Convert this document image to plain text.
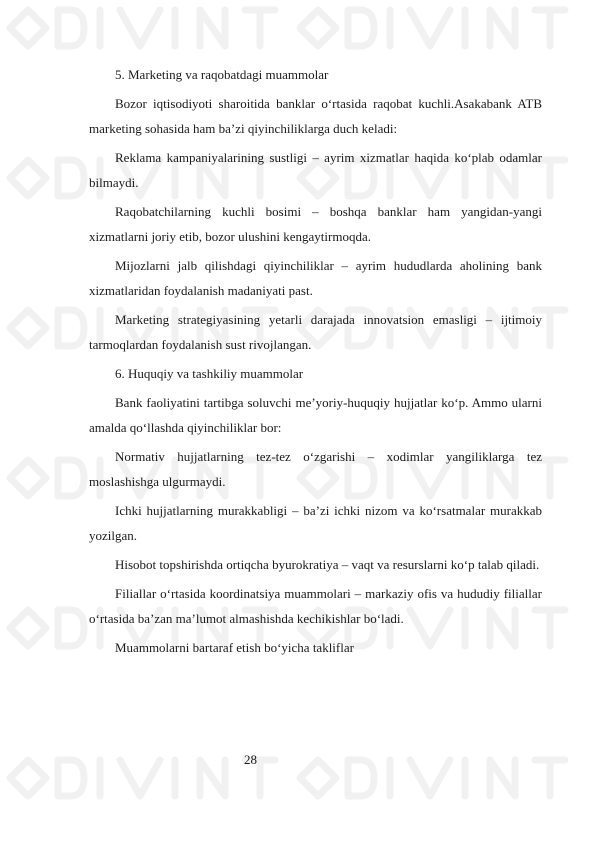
5. Marketing va raqobatdagi muammolar

Bozor iqtisodiyoti sharoitida banklar o‘rtasida raqobat kuchli.Asakabank ATB marketing sohasida ham ba’zi qiyinchiliklarga duch keladi:

Reklama kampaniyalarining sustligi – ayrim xizmatlar haqida ko‘plab odamlar bilmaydi.

Raqobatchilarning kuchli bosimi – boshqa banklar ham yangidan-yangi xizmatlarni joriy etib, bozor ulushini kengaytirmoqda.

Mijozlarni jalb qilishdagi qiyinchiliklar – ayrim hududlarda aholining bank xizmatlaridan foydalanish madaniyati past.

Marketing strategiyasining yetarli darajada innovatsion emasligi – ijtimoiy tarmoqlardan foydalanish sust rivojlangan.

6. Huquqiy va tashkiliy muammolar

Bank faoliyatini tartibga soluvchi me’yoriy-huquqiy hujjatlar ko‘p. Ammo ularni amalda qo‘llashda qiyinchiliklar bor:

Normativ hujjatlarning tez-tez o‘zgarishi – xodimlar yangiliklarga tez moslashishga ulgurmaydi.

Ichki hujjatlarning murakkabligi – ba’zi ichki nizom va ko‘rsatmalar murakkab yozilgan.

Hisobot topshirishda ortiqcha byurokratiya – vaqt va resurslarni ko‘p talab qiladi.

Filiallar o‘rtasida koordinatsiya muammolari – markaziy ofis va hududiy filiallar o‘rtasida ba’zan ma’lumot almashishda kechikishlar bo‘ladi.

Muammolarni bartaraf etish bo‘yicha takliflar

28
